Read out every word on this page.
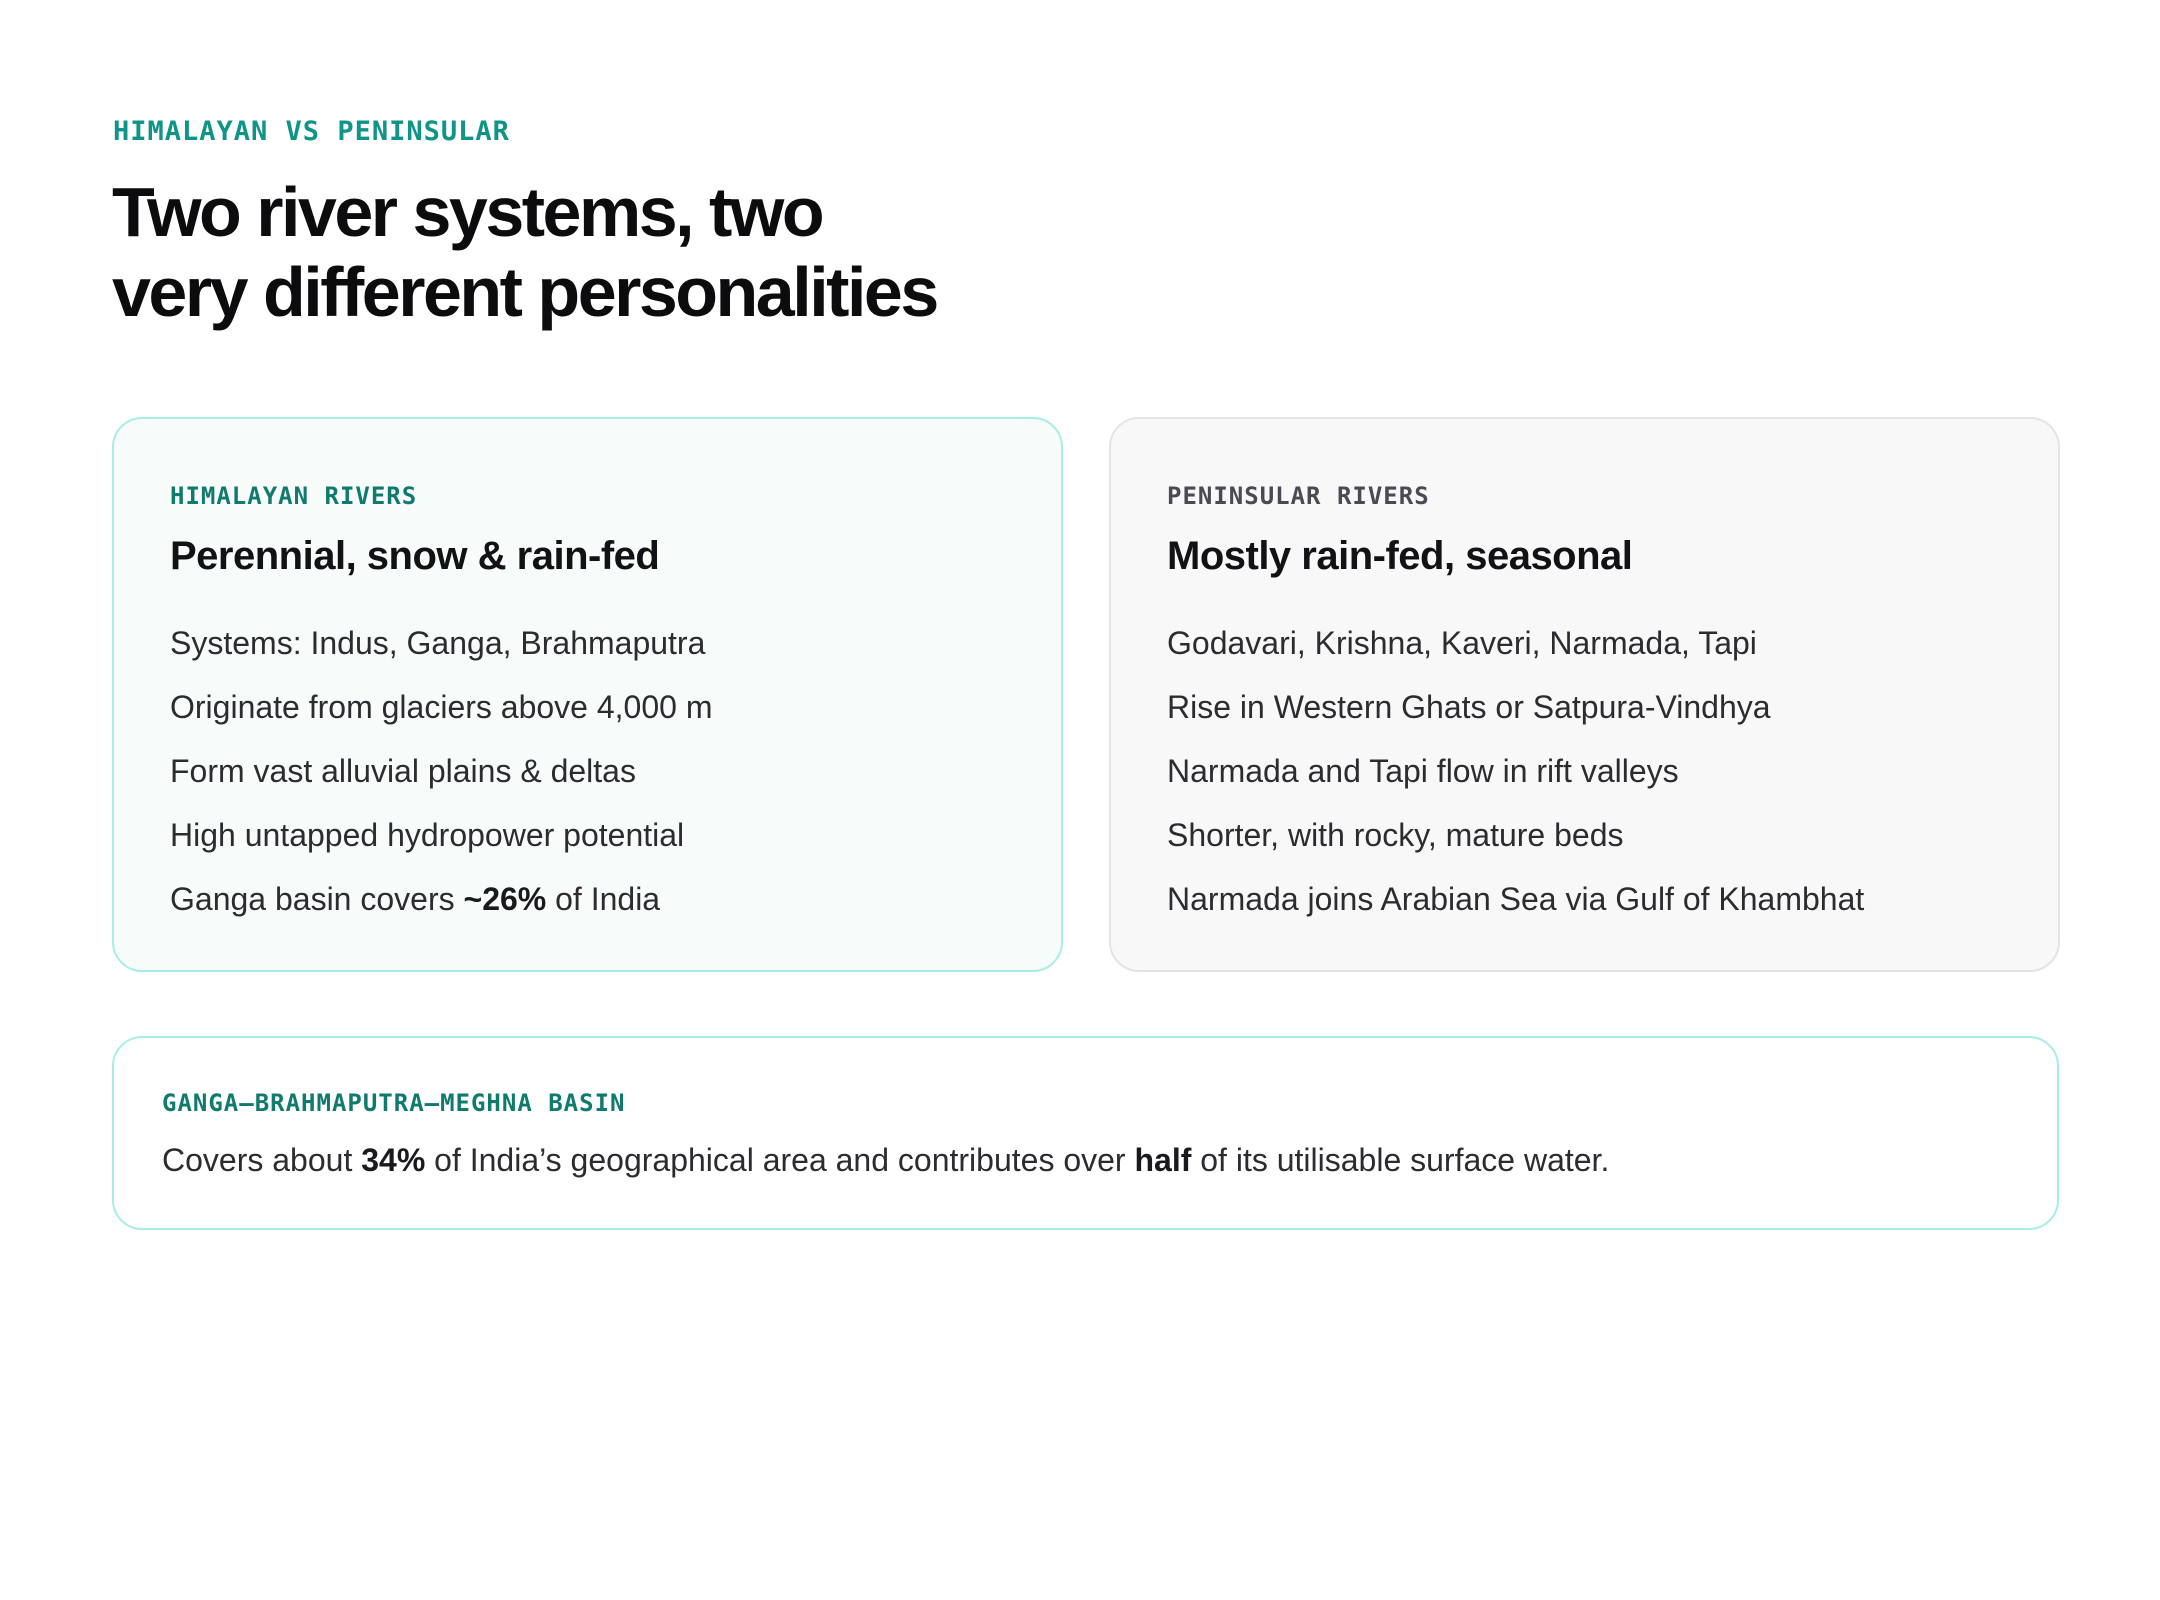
HIMALAYAN VS PENINSULAR

Two river systems, two
very different personalities

HIMALAYAN RIVERS

Perennial, snow & rain-fed
Systems: Indus, Ganga, Brahmaputra
Originate from glaciers above 4,000 m
Form vast alluvial plains & deltas
High untapped hydropower potential
Ganga basin covers ~26% of India

PENINSULAR RIVERS

Mostly rain-fed, seasonal
Godavari, Krishna, Kaveri, Narmada, Tapi
Rise in Western Ghats or Satpura-Vindhya
Narmada and Tapi flow in rift valleys
Shorter, with rocky, mature beds
Narmada joins Arabian Sea via Gulf of Khambhat

GANGA–BRAHMAPUTRA–MEGHNA BASIN

Covers about 34% of India’s geographical area and contributes over half of its utilisable surface water.
